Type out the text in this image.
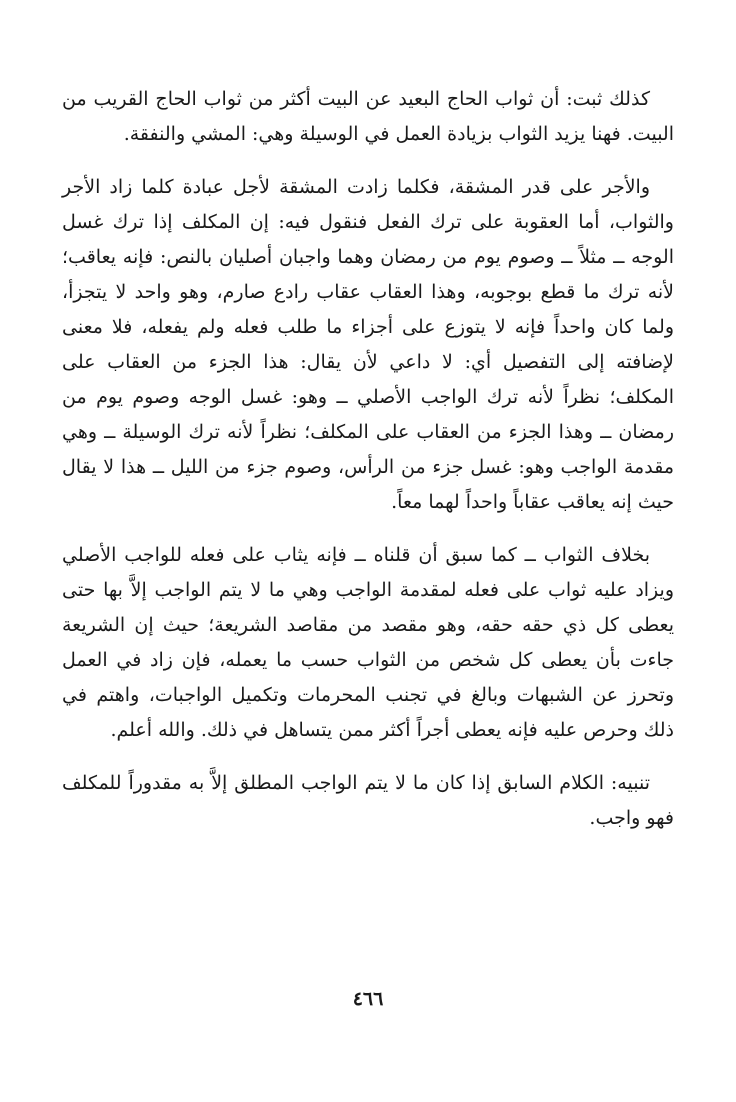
كذلك ثبت: أن ثواب الحاج البعيد عن البيت أكثر من ثواب الحاج القريب من البيت. فهنا يزيد الثواب بزيادة العمل في الوسيلة وهي: المشي والنفقة.

والأجر على قدر المشقة، فكلما زادت المشقة لأجل عبادة كلما زاد الأجر والثواب، أما العقوبة على ترك الفعل فنقول فيه: إن المكلف إذا ترك غسل الوجه ــ مثلاً ــ وصوم يوم من رمضان وهما واجبان أصليان بالنص: فإنه يعاقب؛ لأنه ترك ما قطع بوجوبه، وهذا العقاب عقاب رادع صارم، وهو واحد لا يتجزأ، ولما كان واحداً فإنه لا يتوزع على أجزاء ما طلب فعله ولم يفعله، فلا معنى لإضافته إلى التفصيل أي: لا داعي لأن يقال: هذا الجزء من العقاب على المكلف؛ نظراً لأنه ترك الواجب الأصلي ــ وهو: غسل الوجه وصوم يوم من رمضان ــ وهذا الجزء من العقاب على المكلف؛ نظراً لأنه ترك الوسيلة ــ وهي مقدمة الواجب وهو: غسل جزء من الرأس، وصوم جزء من الليل ــ هذا لا يقال حيث إنه يعاقب عقاباً واحداً لهما معاً.

بخلاف الثواب ــ كما سبق أن قلناه ــ فإنه يثاب على فعله للواجب الأصلي ويزاد عليه ثواب على فعله لمقدمة الواجب وهي ما لا يتم الواجب إلاَّ بها حتى يعطى كل ذي حقه حقه، وهو مقصد من مقاصد الشريعة؛ حيث إن الشريعة جاءت بأن يعطى كل شخص من الثواب حسب ما يعمله، فإن زاد في العمل وتحرز عن الشبهات وبالغ في تجنب المحرمات وتكميل الواجبات، واهتم في ذلك وحرص عليه فإنه يعطى أجراً أكثر ممن يتساهل في ذلك. والله أعلم.

تنبيه: الكلام السابق إذا كان ما لا يتم الواجب المطلق إلاَّ به مقدوراً للمكلف فهو واجب.

٤٦٦
